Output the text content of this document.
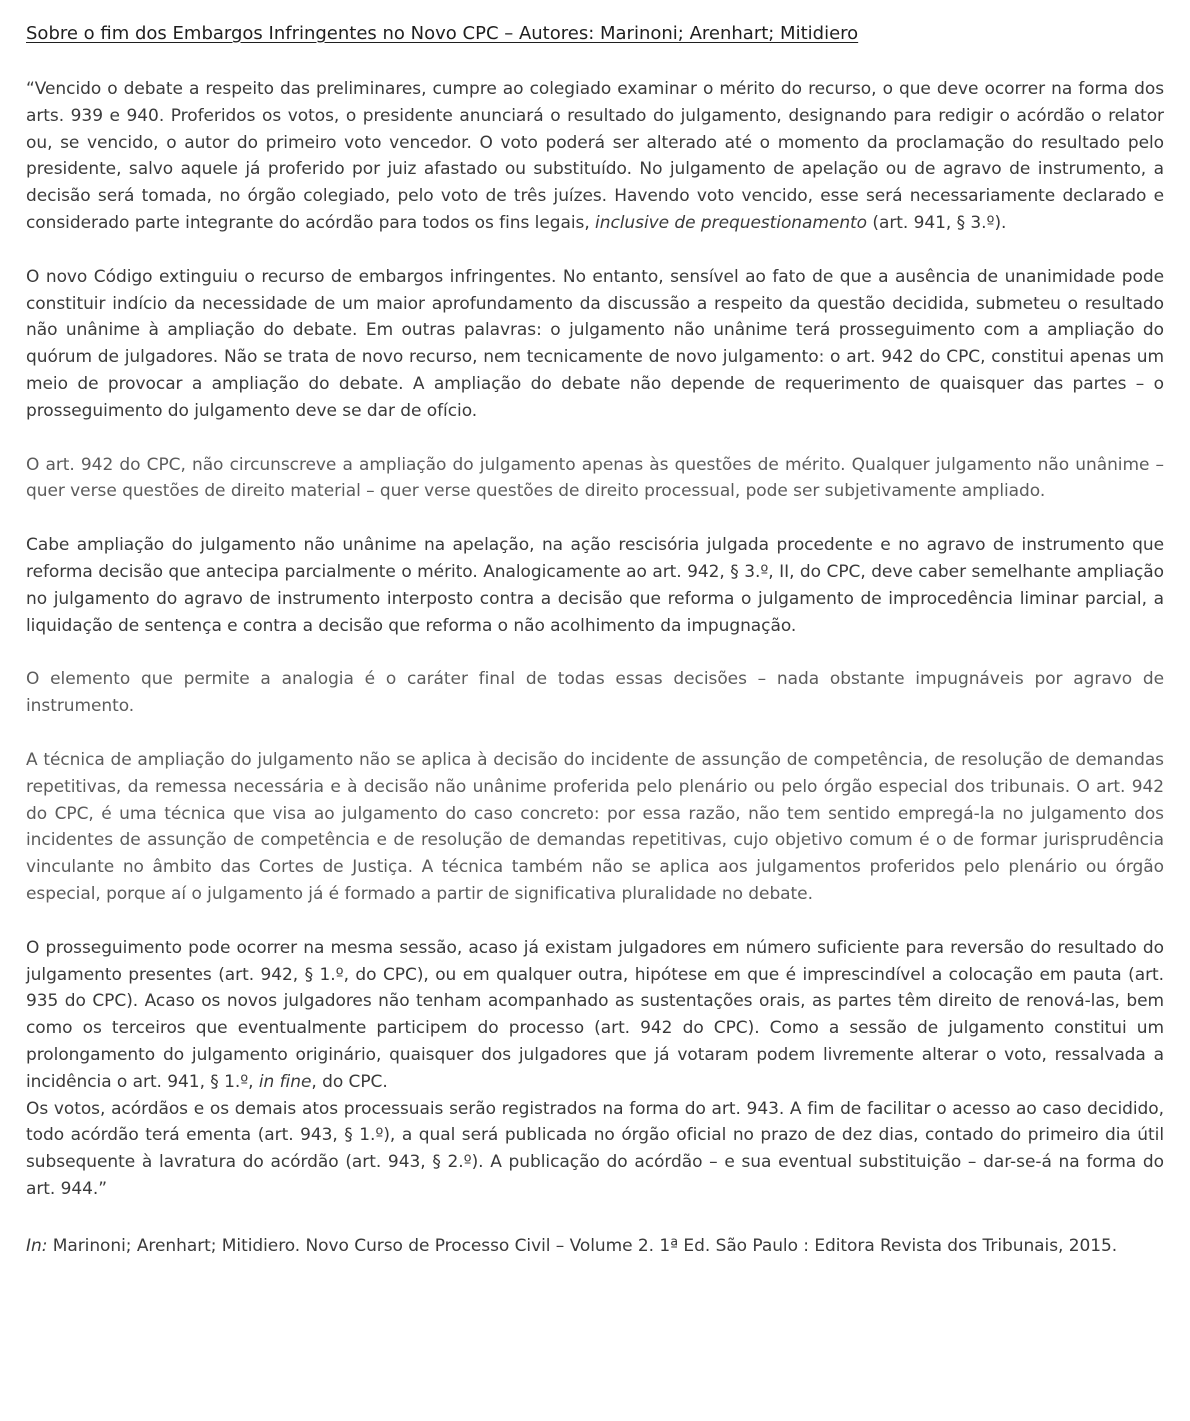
Sobre o fim dos Embargos Infringentes no Novo CPC – Autores: Marinoni; Arenhart; Mitidiero

“Vencido o debate a respeito das preliminares, cumpre ao colegiado examinar o mérito do recurso, o que deve ocorrer na forma dos arts. 939 e 940. Proferidos os votos, o presidente anunciará o resultado do julgamento, designando para redigir o acórdão o relator ou, se vencido, o autor do primeiro voto vencedor. O voto poderá ser alterado até o momento da proclamação do resultado pelo presidente, salvo aquele já proferido por juiz afastado ou substituído. No julgamento de apelação ou de agravo de instrumento, a decisão será tomada, no órgão colegiado, pelo voto de três juízes. Havendo voto vencido, esse será necessariamente declarado e considerado parte integrante do acórdão para todos os fins legais, inclusive de prequestionamento (art. 941, § 3.º).

O novo Código extinguiu o recurso de embargos infringentes. No entanto, sensível ao fato de que a ausência de unanimidade pode constituir indício da necessidade de um maior aprofundamento da discussão a respeito da questão decidida, submeteu o resultado não unânime à ampliação do debate. Em outras palavras: o julgamento não unânime terá prosseguimento com a ampliação do quórum de julgadores. Não se trata de novo recurso, nem tecnicamente de novo julgamento: o art. 942 do CPC, constitui apenas um meio de provocar a ampliação do debate. A ampliação do debate não depende de requerimento de quaisquer das partes – o prosseguimento do julgamento deve se dar de ofício.

O art. 942 do CPC, não circunscreve a ampliação do julgamento apenas às questões de mérito. Qualquer julgamento não unânime – quer verse questões de direito material – quer verse questões de direito processual, pode ser subjetivamente ampliado.

Cabe ampliação do julgamento não unânime na apelação, na ação rescisória julgada procedente e no agravo de instrumento que reforma decisão que antecipa parcialmente o mérito. Analogicamente ao art. 942, § 3.º, II, do CPC, deve caber semelhante ampliação no julgamento do agravo de instrumento interposto contra a decisão que reforma o julgamento de improcedência liminar parcial, a liquidação de sentença e contra a decisão que reforma o não acolhimento da impugnação.

O elemento que permite a analogia é o caráter final de todas essas decisões – nada obstante impugnáveis por agravo de instrumento.

A técnica de ampliação do julgamento não se aplica à decisão do incidente de assunção de competência, de resolução de demandas repetitivas, da remessa necessária e à decisão não unânime proferida pelo plenário ou pelo órgão especial dos tribunais. O art. 942 do CPC, é uma técnica que visa ao julgamento do caso concreto: por essa razão, não tem sentido empregá-la no julgamento dos incidentes de assunção de competência e de resolução de demandas repetitivas, cujo objetivo comum é o de formar jurisprudência vinculante no âmbito das Cortes de Justiça. A técnica também não se aplica aos julgamentos proferidos pelo plenário ou órgão especial, porque aí o julgamento já é formado a partir de significativa pluralidade no debate.

O prosseguimento pode ocorrer na mesma sessão, acaso já existam julgadores em número suficiente para reversão do resultado do julgamento presentes (art. 942, § 1.º, do CPC), ou em qualquer outra, hipótese em que é imprescindível a colocação em pauta (art. 935 do CPC). Acaso os novos julgadores não tenham acompanhado as sustentações orais, as partes têm direito de renová-las, bem como os terceiros que eventualmente participem do processo (art. 942 do CPC). Como a sessão de julgamento constitui um prolongamento do julgamento originário, quaisquer dos julgadores que já votaram podem livremente alterar o voto, ressalvada a incidência o art. 941, § 1.º, in fine, do CPC.

Os votos, acórdãos e os demais atos processuais serão registrados na forma do art. 943. A fim de facilitar o acesso ao caso decidido, todo acórdão terá ementa (art. 943, § 1.º), a qual será publicada no órgão oficial no prazo de dez dias, contado do primeiro dia útil subsequente à lavratura do acórdão (art. 943, § 2.º). A publicação do acórdão – e sua eventual substituição – dar-se-á na forma do art. 944.”

In: Marinoni; Arenhart; Mitidiero. Novo Curso de Processo Civil – Volume 2. 1ª Ed. São Paulo : Editora Revista dos Tribunais, 2015.
